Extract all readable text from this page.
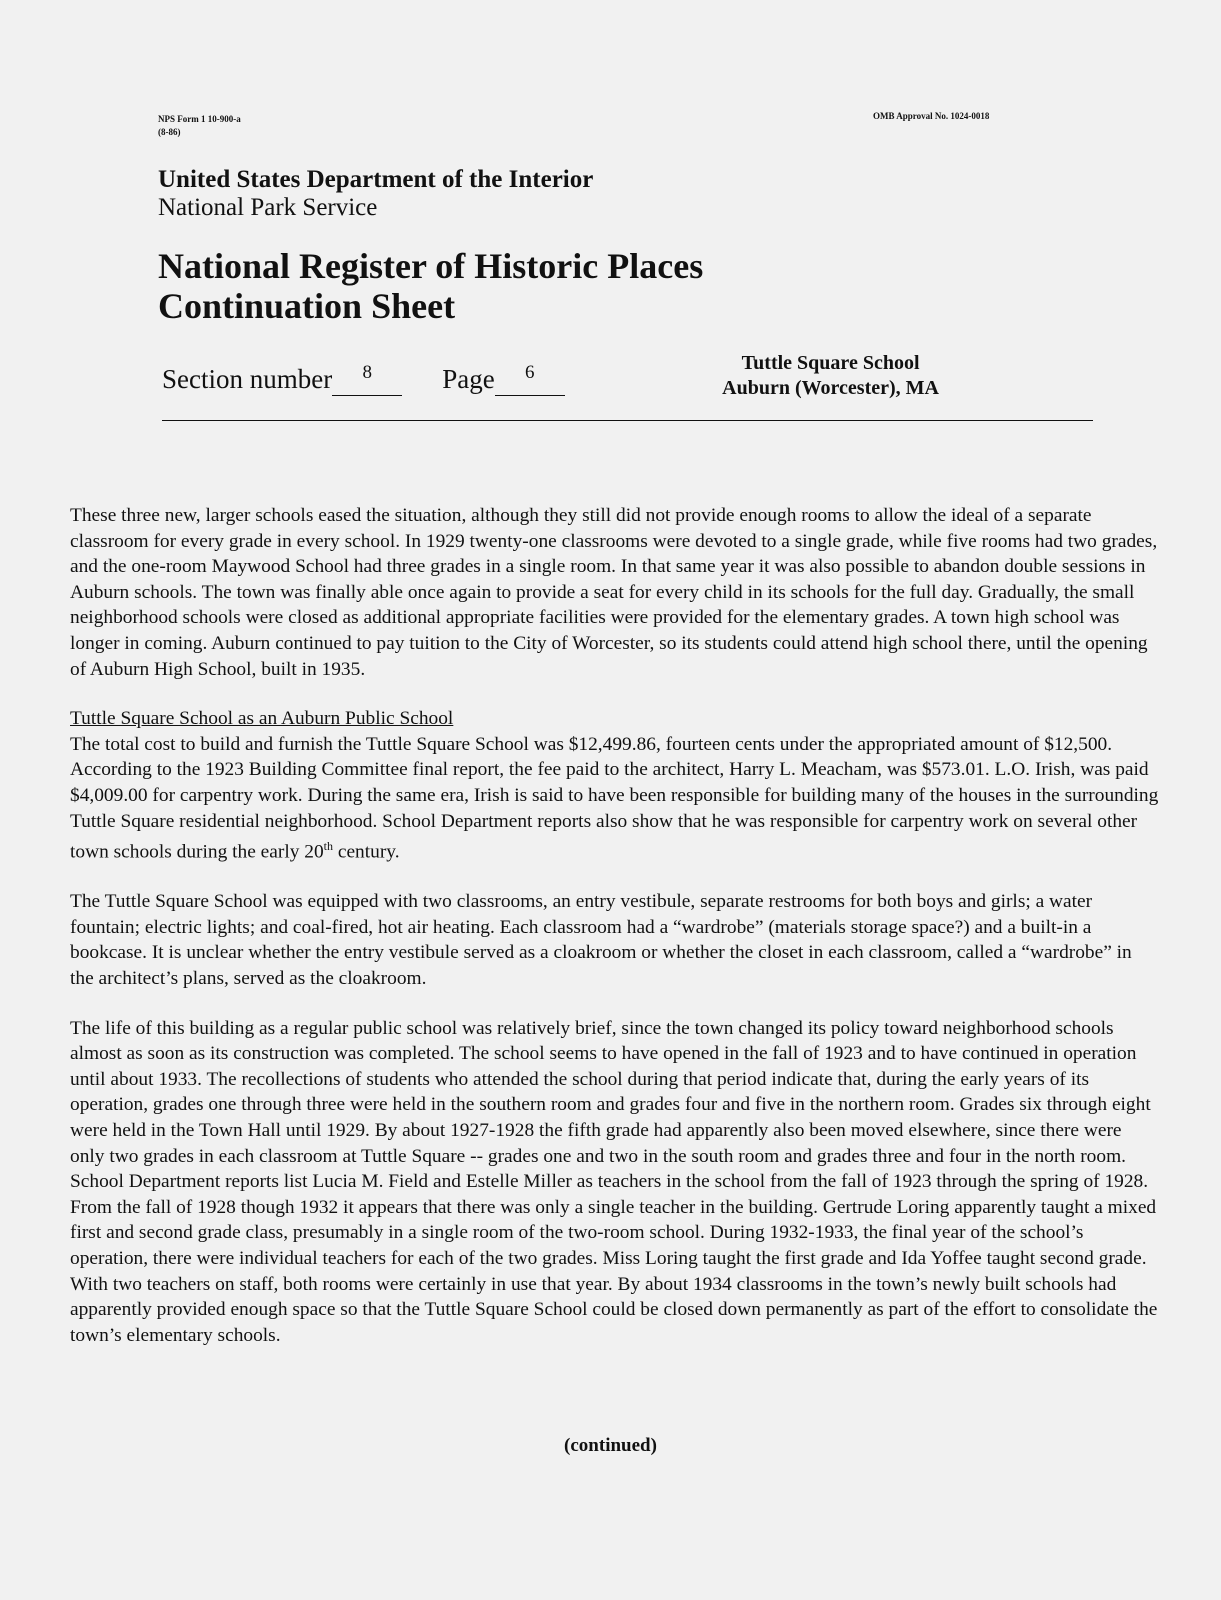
NPS Form 1 10-900-a
(8-86)
OMB Approval No. 1024-0018
United States Department of the Interior
National Park Service
National Register of Historic Places
Continuation Sheet
Section number $^8$	Page $^6$	Tuttle Square School
Auburn (Worcester), MA

These three new, larger schools eased the situation, although they still did not provide enough rooms to allow the ideal of a separate classroom for every grade in every school. In 1929 twenty-one classrooms were devoted to a single grade, while five rooms had two grades, and the one-room Maywood School had three grades in a single room. In that same year it was also possible to abandon double sessions in Auburn schools. The town was finally able once again to provide a seat for every child in its schools for the full day. Gradually, the small neighborhood schools were closed as additional appropriate facilities were provided for the elementary grades. A town high school was longer in coming. Auburn continued to pay tuition to the City of Worcester, so its students could attend high school there, until the opening of Auburn High School, built in 1935.

Tuttle Square School as an Auburn Public School
The total cost to build and furnish the Tuttle Square School was $12,499.86, fourteen cents under the appropriated amount of $12,500. According to the 1923 Building Committee final report, the fee paid to the architect, Harry L. Meacham, was $573.01. L.O. Irish, was paid $4,009.00 for carpentry work. During the same era, Irish is said to have been responsible for building many of the houses in the surrounding Tuttle Square residential neighborhood. School Department reports also show that he was responsible for carpentry work on several other town schools during the early 20th century.

The Tuttle Square School was equipped with two classrooms, an entry vestibule, separate restrooms for both boys and girls; a water fountain; electric lights; and coal-fired, hot air heating. Each classroom had a “wardrobe” (materials storage space?) and a built-in a bookcase. It is unclear whether the entry vestibule served as a cloakroom or whether the closet in each classroom, called a “wardrobe” in the architect’s plans, served as the cloakroom.

The life of this building as a regular public school was relatively brief, since the town changed its policy toward neighborhood schools almost as soon as its construction was completed. The school seems to have opened in the fall of 1923 and to have continued in operation until about 1933. The recollections of students who attended the school during that period indicate that, during the early years of its operation, grades one through three were held in the southern room and grades four and five in the northern room. Grades six through eight were held in the Town Hall until 1929. By about 1927-1928 the fifth grade had apparently also been moved elsewhere, since there were only two grades in each classroom at Tuttle Square -- grades one and two in the south room and grades three and four in the north room. School Department reports list Lucia M. Field and Estelle Miller as teachers in the school from the fall of 1923 through the spring of 1928. From the fall of 1928 though 1932 it appears that there was only a single teacher in the building. Gertrude Loring apparently taught a mixed first and second grade class, presumably in a single room of the two-room school. During 1932-1933, the final year of the school’s operation, there were individual teachers for each of the two grades. Miss Loring taught the first grade and Ida Yoffee taught second grade. With two teachers on staff, both rooms were certainly in use that year. By about 1934 classrooms in the town’s newly built schools had apparently provided enough space so that the Tuttle Square School could be closed down permanently as part of the effort to consolidate the town’s elementary schools.

(continued)
